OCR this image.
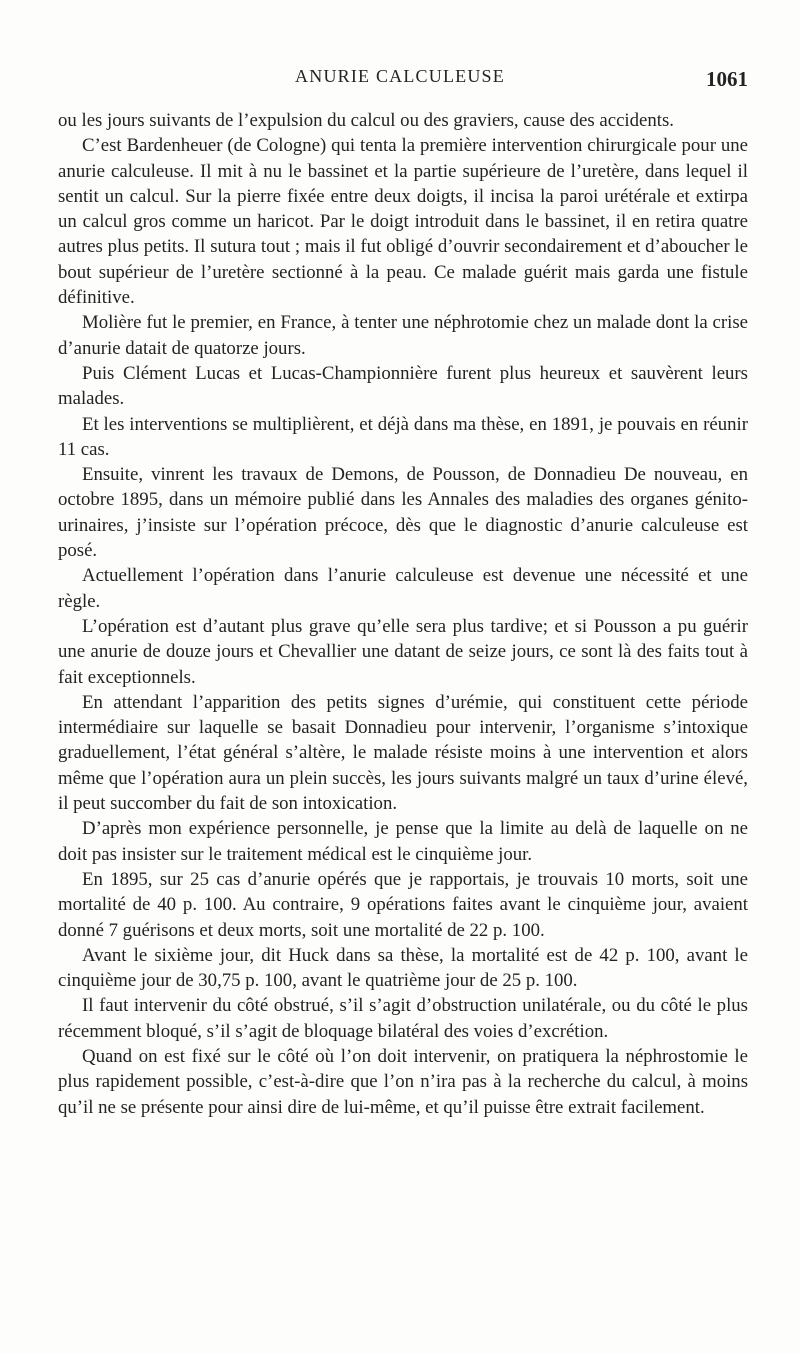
ANURIE CALCULEUSE	1061

ou les jours suivants de l’expulsion du calcul ou des graviers, cause des accidents.

C’est Bardenheuer (de Cologne) qui tenta la première intervention chirurgicale pour une anurie calculeuse. Il mit à nu le bassinet et la partie supérieure de l’uretère, dans lequel il sentit un calcul. Sur la pierre fixée entre deux doigts, il incisa la paroi urétérale et extirpa un calcul gros comme un haricot. Par le doigt introduit dans le bassinet, il en retira quatre autres plus petits. Il sutura tout ; mais il fut obligé d’ouvrir secondairement et d’aboucher le bout supérieur de l’uretère sectionné à la peau. Ce malade guérit mais garda une fistule définitive.

Molière fut le premier, en France, à tenter une néphrotomie chez un malade dont la crise d’anurie datait de quatorze jours.

Puis Clément Lucas et Lucas-Championnière furent plus heureux et sauvèrent leurs malades.

Et les interventions se multiplièrent, et déjà dans ma thèse, en 1891, je pouvais en réunir 11 cas.

Ensuite, vinrent les travaux de Demons, de Pousson, de Donnadieu De nouveau, en octobre 1895, dans un mémoire publié dans les Annales des maladies des organes génito-urinaires, j’insiste sur l’opération précoce, dès que le diagnostic d’anurie calculeuse est posé.

Actuellement l’opération dans l’anurie calculeuse est devenue une nécessité et une règle.

L’opération est d’autant plus grave qu’elle sera plus tardive; et si Pousson a pu guérir une anurie de douze jours et Chevallier une datant de seize jours, ce sont là des faits tout à fait exceptionnels.

En attendant l’apparition des petits signes d’urémie, qui constituent cette période intermédiaire sur laquelle se basait Donnadieu pour intervenir, l’organisme s’intoxique graduellement, l’état général s’altère, le malade résiste moins à une intervention et alors même que l’opération aura un plein succès, les jours suivants malgré un taux d’urine élevé, il peut succomber du fait de son intoxication.

D’après mon expérience personnelle, je pense que la limite au delà de laquelle on ne doit pas insister sur le traitement médical est le cinquième jour.

En 1895, sur 25 cas d’anurie opérés que je rapportais, je trouvais 10 morts, soit une mortalité de 40 p. 100. Au contraire, 9 opérations faites avant le cinquième jour, avaient donné 7 guérisons et deux morts, soit une mortalité de 22 p. 100.

Avant le sixième jour, dit Huck dans sa thèse, la mortalité est de 42 p. 100, avant le cinquième jour de 30,75 p. 100, avant le quatrième jour de 25 p. 100.

Il faut intervenir du côté obstrué, s’il s’agit d’obstruction unilatérale, ou du côté le plus récemment bloqué, s’il s’agit de bloquage bilatéral des voies d’excrétion.

Quand on est fixé sur le côté où l’on doit intervenir, on pratiquera la néphrostomie le plus rapidement possible, c’est-à-dire que l’on n’ira pas à la recherche du calcul, à moins qu’il ne se présente pour ainsi dire de lui-même, et qu’il puisse être extrait facilement.
